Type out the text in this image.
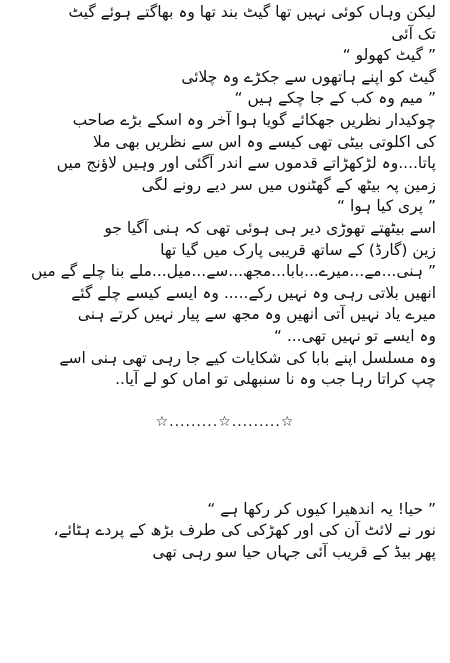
لیکن وہاں کوئی نہیں تھا گیٹ بند تھا وہ بھاگتے ہوئے گیٹ
تک آئی
” گیٹ کھولو “
گیٹ کو اپنے ہاتھوں سے جکڑے وہ چلائی
” میم وہ کب کے جا چکے ہیں “
چوکیدار نظریں جھکائے گویا ہوا آخر وہ اسکے بڑے صاحب
کی اکلوتی بیٹی تھی کیسے وہ اس سے نظریں بھی ملا
پاتا....وہ لڑکھڑاتے قدموں سے اندر آگئی اور وہیں لاؤنج میں
زمین پہ بیٹھ کے گھٹنوں میں سر دیے رونے لگی
” پری کیا ہوا “
اسے بیٹھتے تھوڑی دیر ہی ہوئی تھی کہ ہنی آگیا جو
زین (گارڈ) کے ساتھ قریبی پارک میں گیا تھا
” ہنی...مے...میرے...بابا...مجھ...سے...میل...ملے بنا چلے گے میں
انھیں بلاتی رہی وہ نہیں رکے..... وہ ایسے کیسے چلے گئے
میرے یاد نہیں آتی انھیں وہ مجھ سے پیار نہیں کرتے ہنی
وہ ایسے تو نہیں تھی... “
وہ مسلسل اپنے بابا کی شکایات کیے جا رہی تھی ہنی اسے
چپ کراتا رہا جب وہ نا سنبھلی تو اماں کو لے آیا..
☆.........☆.........☆
” حیا! یہ اندھیرا کیوں کر رکھا ہے “
نور نے لائٹ آن کی اور کھڑکی کی طرف بڑھ کے پردے ہٹائے،
پھر بیڈ کے قریب آئی جہاں حیا سو رہی تھی
